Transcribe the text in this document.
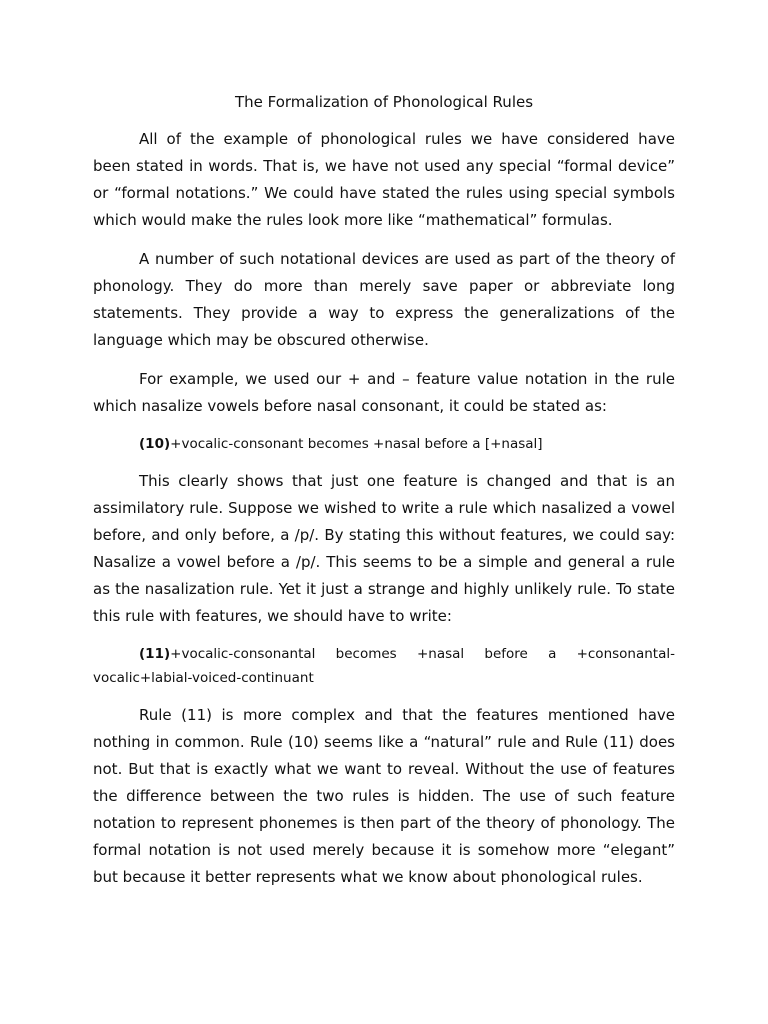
The Formalization of Phonological Rules

All of the example of phonological rules we have considered have been stated in words. That is, we have not used any special “formal device” or “formal notations.” We could have stated the rules using special symbols which would make the rules look more like “mathematical” formulas.

A number of such notational devices are used as part of the theory of phonology. They do more than merely save paper or abbreviate long statements. They provide a way to express the generalizations of the language which may be obscured otherwise.

For example, we used our + and – feature value notation in the rule which nasalize vowels before nasal consonant, it could be stated as:

(10)+vocalic-consonant becomes +nasal before a [+nasal]

This clearly shows that just one feature is changed and that is an assimilatory rule. Suppose we wished to write a rule which nasalized a vowel before, and only before, a /p/. By stating this without features, we could say: Nasalize a vowel before a /p/. This seems to be a simple and general a rule as the nasalization rule. Yet it just a strange and highly unlikely rule. To state this rule with features, we should have to write:

(11)+vocalic-consonantal becomes +nasal before a +consonantal-vocalic+labial-voiced-continuant

Rule (11) is more complex and that the features mentioned have nothing in common. Rule (10) seems like a “natural” rule and Rule (11) does not. But that is exactly what we want to reveal. Without the use of features the difference between the two rules is hidden. The use of such feature notation to represent phonemes is then part of the theory of phonology. The formal notation is not used merely because it is somehow more “elegant” but because it better represents what we know about phonological rules.
